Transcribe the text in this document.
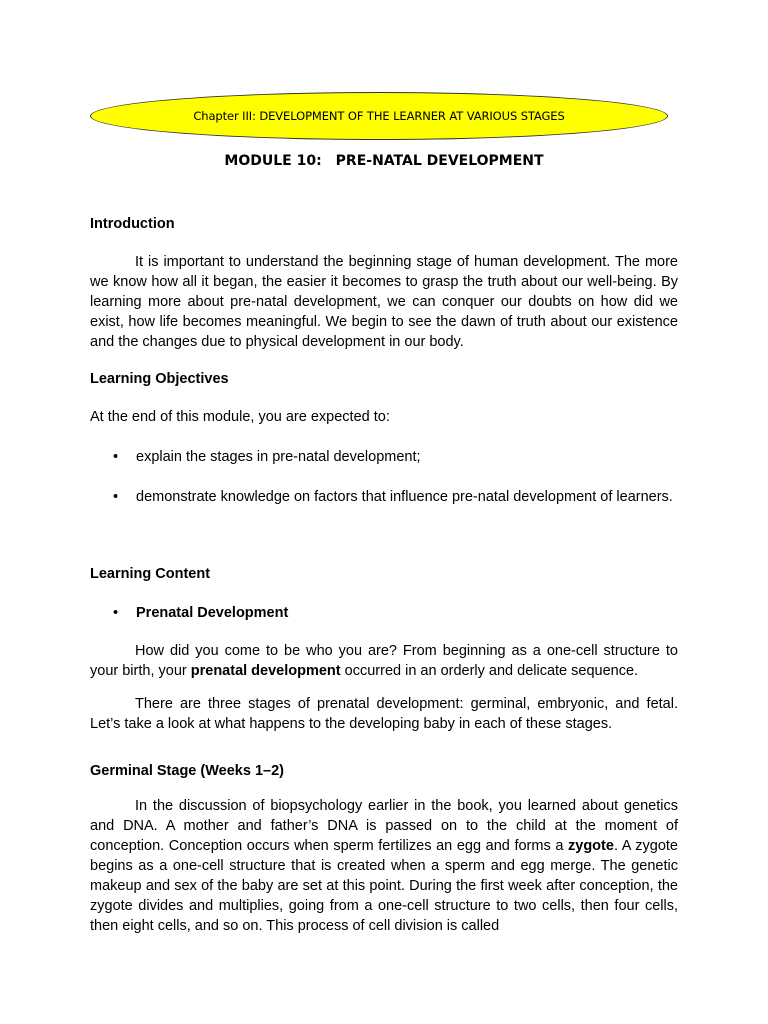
Chapter III: DEVELOPMENT OF THE LEARNER AT VARIOUS STAGES
MODULE 10: PRE-NATAL DEVELOPMENT
Introduction
It is important to understand the beginning stage of human development. The more we know how all it began, the easier it becomes to grasp the truth about our well-being. By learning more about pre-natal development, we can conquer our doubts on how did we exist, how life becomes meaningful. We begin to see the dawn of truth about our existence and the changes due to physical development in our body.
Learning Objectives
At the end of this module, you are expected to:
• explain the stages in pre-natal development;
• demonstrate knowledge on factors that influence pre-natal development of learners.
Learning Content
• Prenatal Development
How did you come to be who you are? From beginning as a one-cell structure to your birth, your prenatal development occurred in an orderly and delicate sequence.
There are three stages of prenatal development: germinal, embryonic, and fetal. Let’s take a look at what happens to the developing baby in each of these stages.
Germinal Stage (Weeks 1–2)
In the discussion of biopsychology earlier in the book, you learned about genetics and DNA. A mother and father’s DNA is passed on to the child at the moment of conception. Conception occurs when sperm fertilizes an egg and forms a zygote. A zygote begins as a one-cell structure that is created when a sperm and egg merge. The genetic makeup and sex of the baby are set at this point. During the first week after conception, the zygote divides and multiplies, going from a one-cell structure to two cells, then four cells, then eight cells, and so on. This process of cell division is called
